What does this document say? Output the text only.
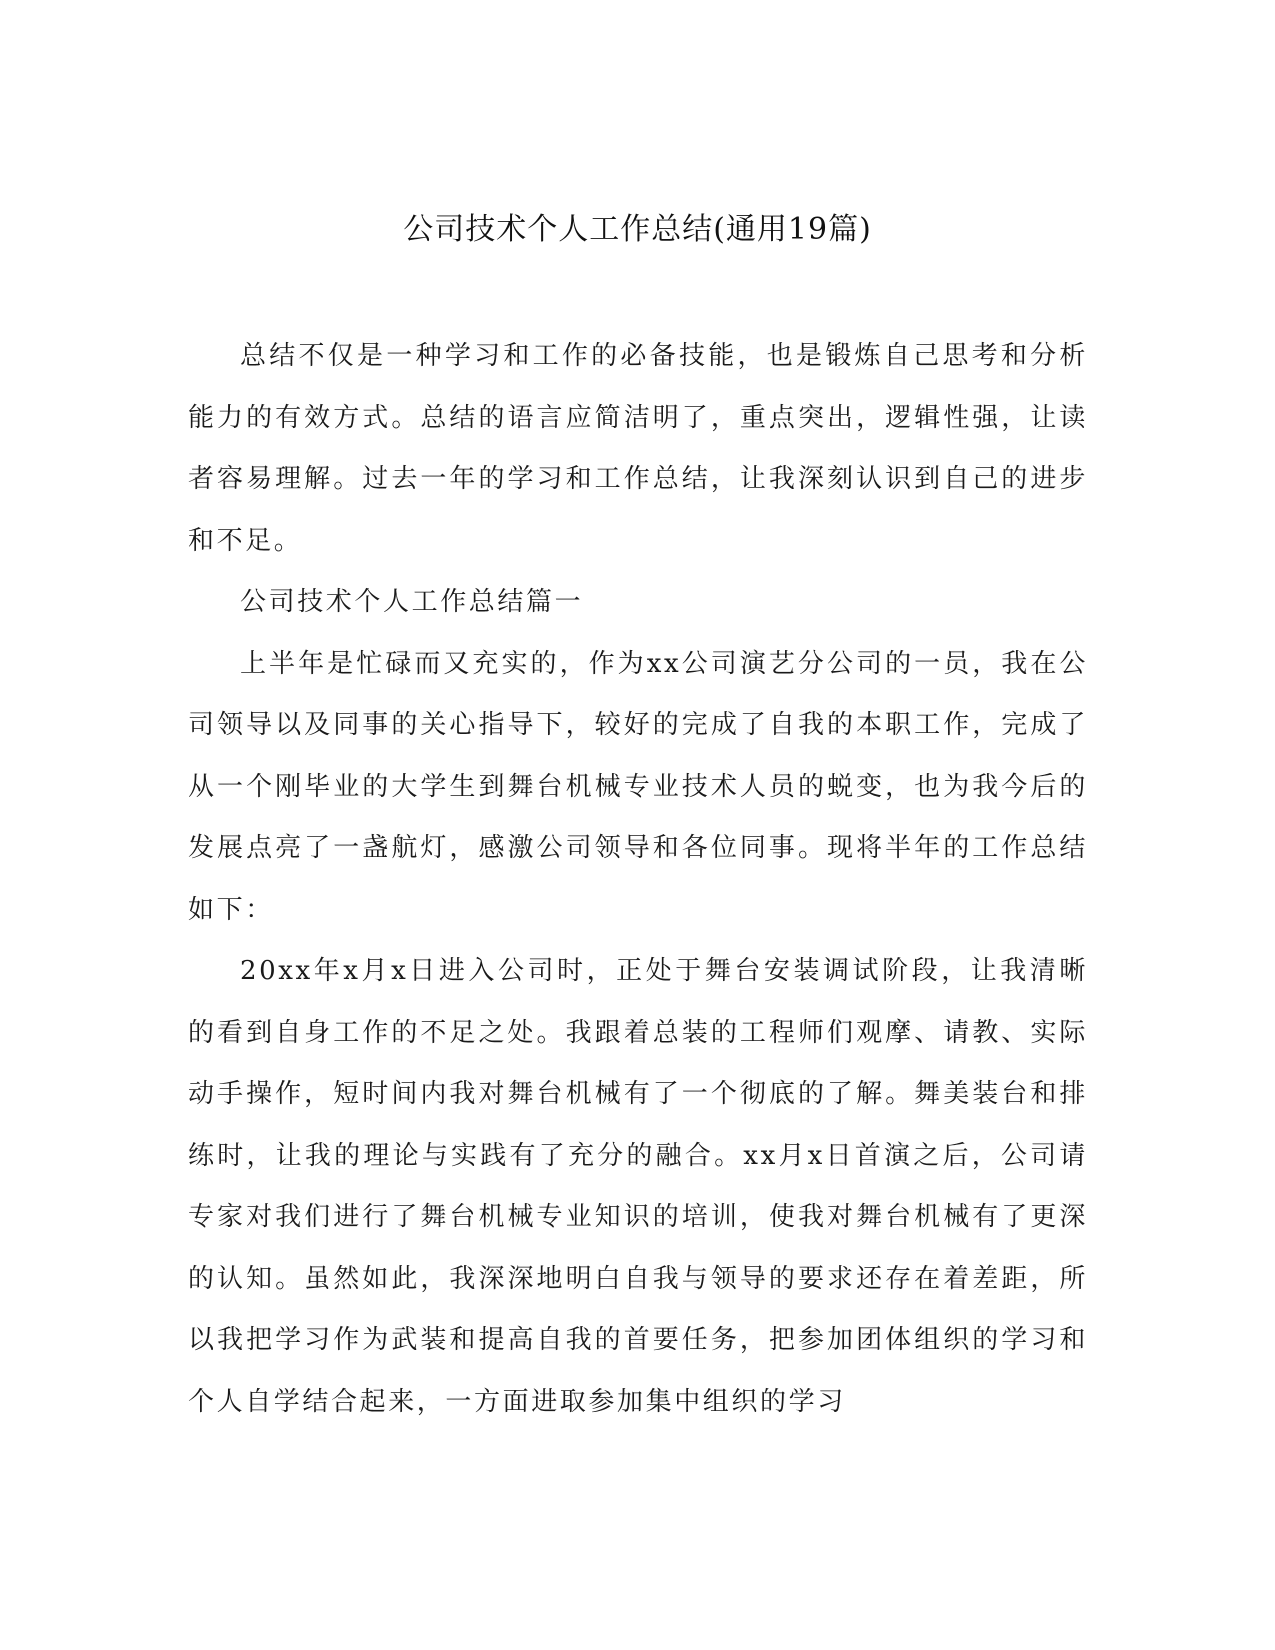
公司技术个人工作总结(通用19篇)

总结不仅是一种学习和工作的必备技能，也是锻炼自己思考和分析能力的有效方式。总结的语言应简洁明了，重点突出，逻辑性强，让读者容易理解。过去一年的学习和工作总结，让我深刻认识到自己的进步和不足。

公司技术个人工作总结篇一

上半年是忙碌而又充实的，作为xx公司演艺分公司的一员，我在公司领导以及同事的关心指导下，较好的完成了自我的本职工作，完成了从一个刚毕业的大学生到舞台机械专业技术人员的蜕变，也为我今后的发展点亮了一盏航灯，感激公司领导和各位同事。现将半年的工作总结如下：

20xx年x月x日进入公司时，正处于舞台安装调试阶段，让我清晰的看到自身工作的不足之处。我跟着总装的工程师们观摩、请教、实际动手操作，短时间内我对舞台机械有了一个彻底的了解。舞美装台和排练时，让我的理论与实践有了充分的融合。xx月x日首演之后，公司请专家对我们进行了舞台机械专业知识的培训，使我对舞台机械有了更深的认知。虽然如此，我深深地明白自我与领导的要求还存在着差距，所以我把学习作为武装和提高自我的首要任务，把参加团体组织的学习和个人自学结合起来，一方面进取参加集中组织的学习
